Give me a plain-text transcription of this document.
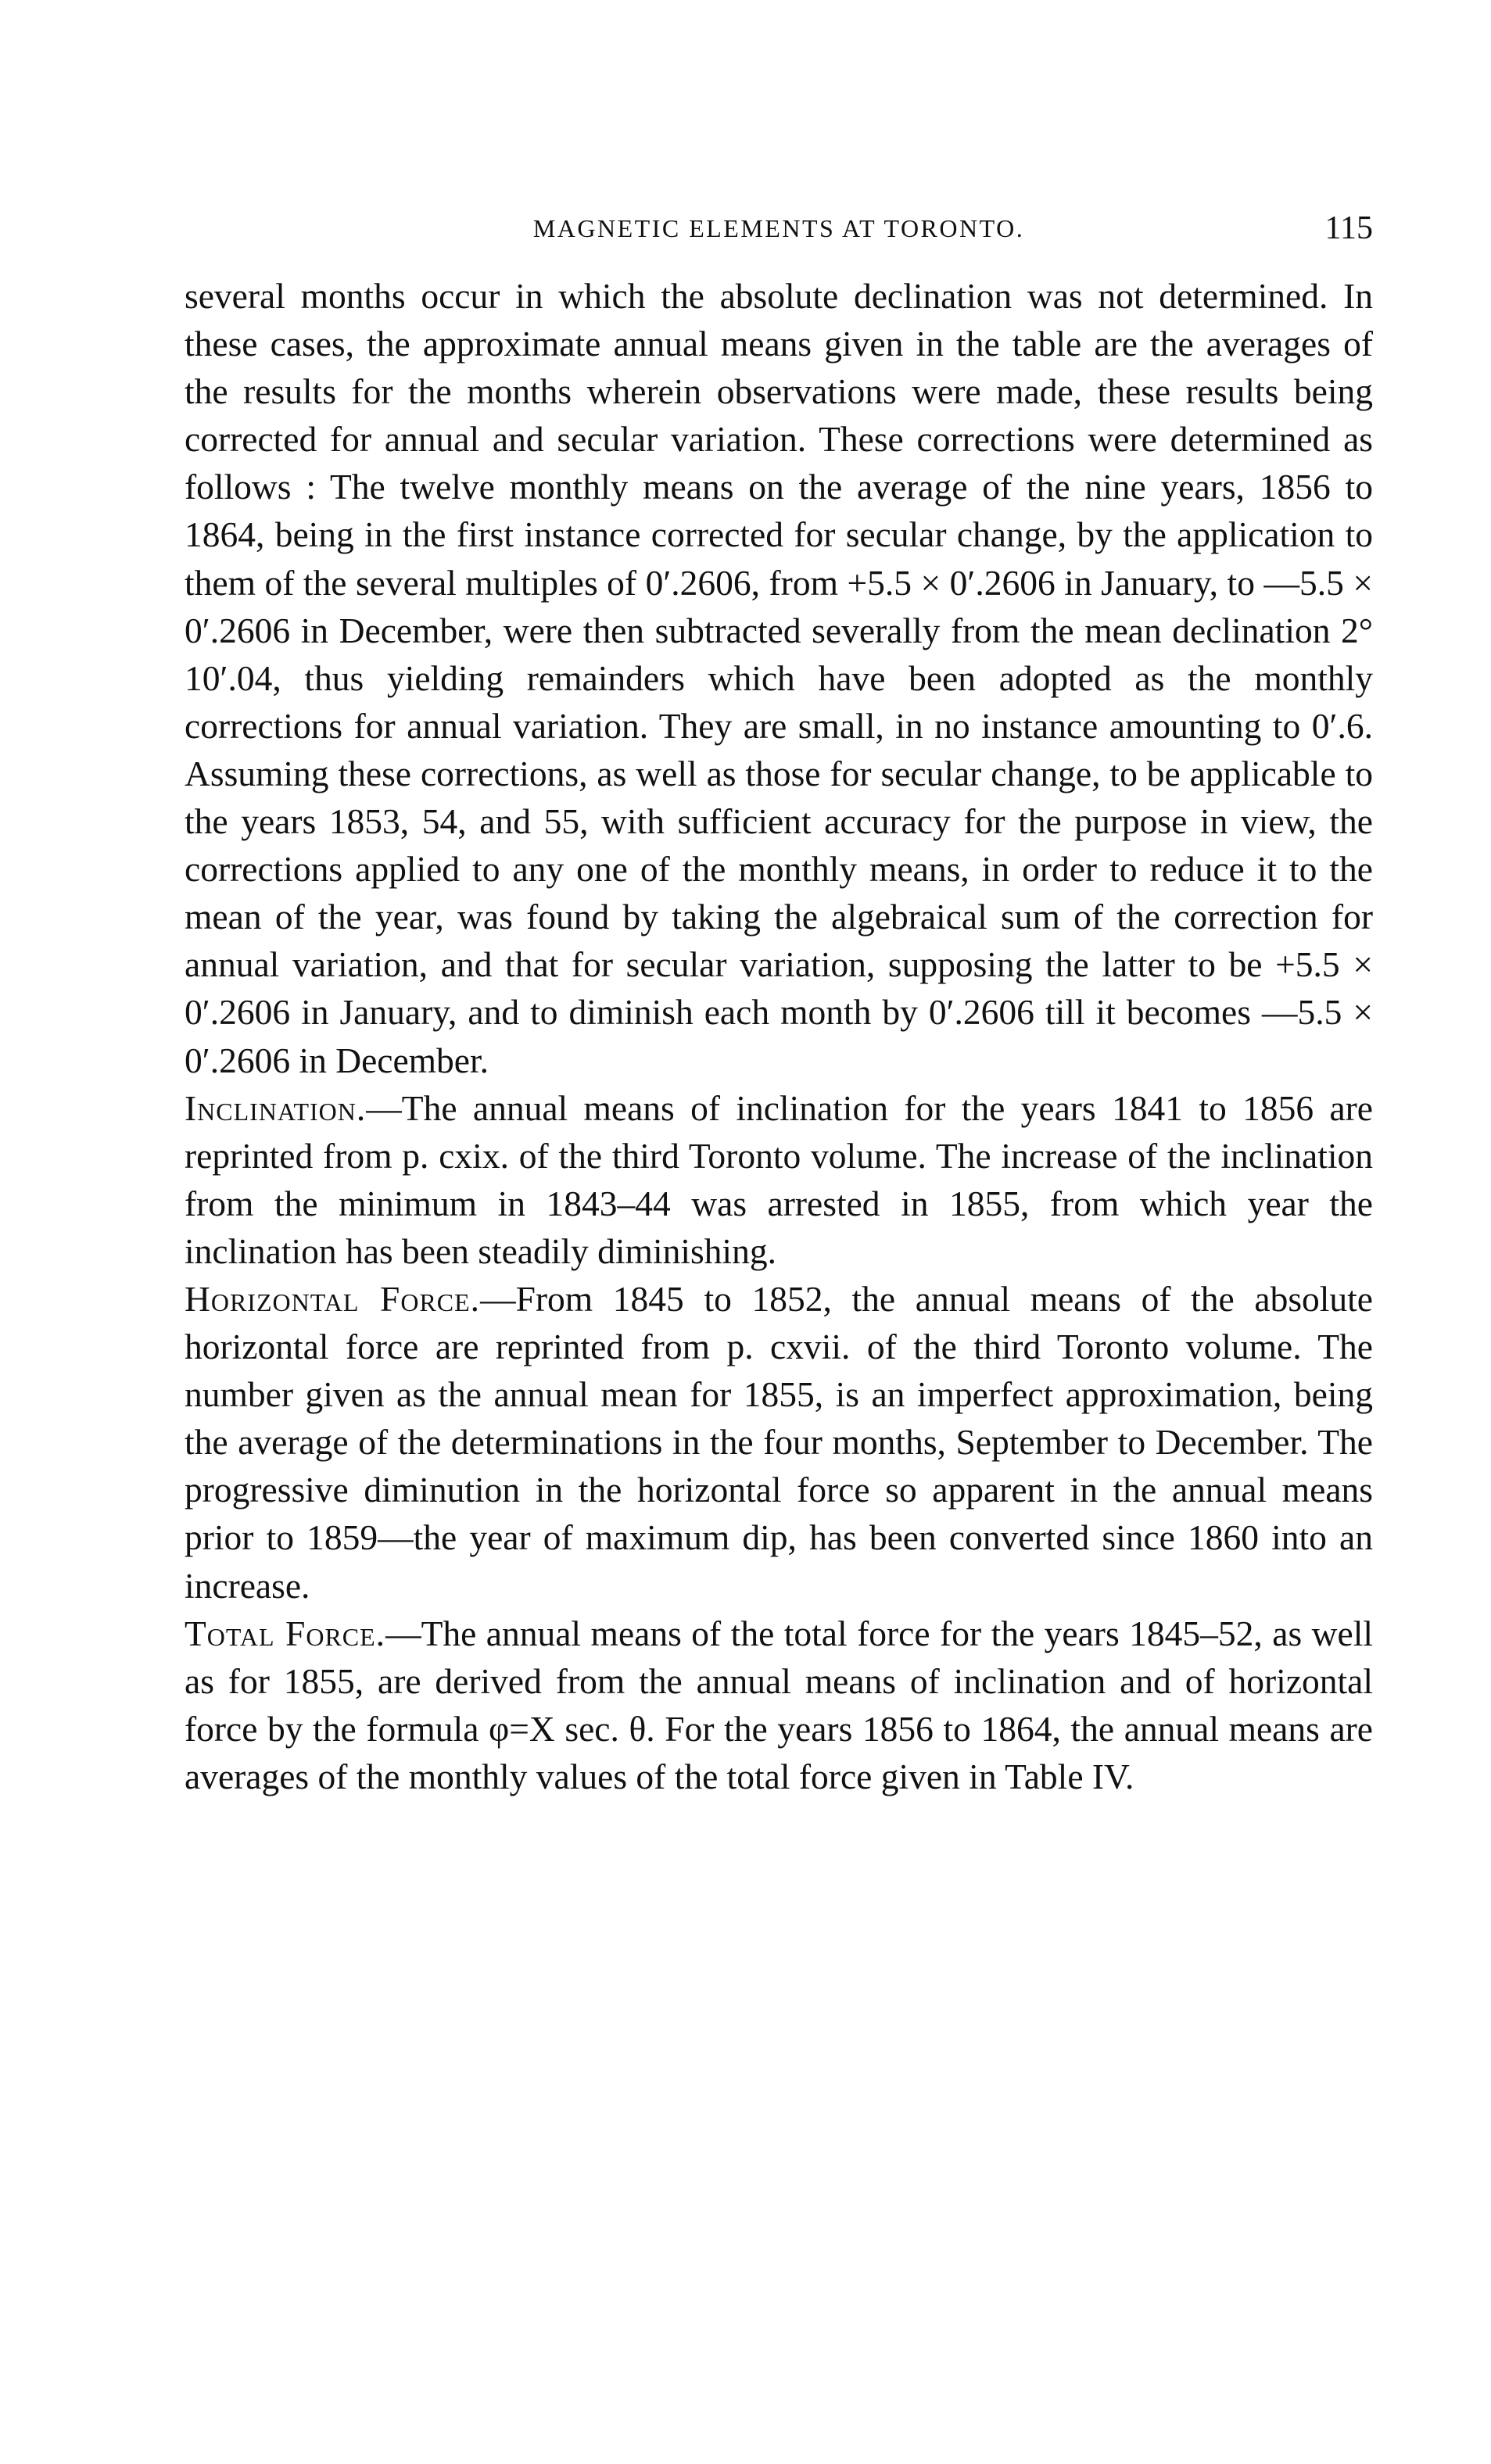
MAGNETIC ELEMENTS AT TORONTO.	115

several months occur in which the absolute declination was not determined. In these cases, the approximate annual means given in the table are the averages of the results for the months wherein observations were made, these results being corrected for annual and secular variation. These corrections were determined as follows : The twelve monthly means on the average of the nine years, 1856 to 1864, being in the first instance corrected for secular change, by the application to them of the several multiples of 0′.2606, from +5.5 × 0′.2606 in January, to —5.5 × 0′.2606 in December, were then subtracted severally from the mean declination 2° 10′.04, thus yielding remainders which have been adopted as the monthly corrections for annual variation. They are small, in no instance amounting to 0′.6. Assuming these corrections, as well as those for secular change, to be applicable to the years 1853, 54, and 55, with sufficient accuracy for the purpose in view, the corrections applied to any one of the monthly means, in order to reduce it to the mean of the year, was found by taking the algebraical sum of the correction for annual variation, and that for secular variation, supposing the latter to be +5.5 × 0′.2606 in January, and to diminish each month by 0′.2606 till it becomes —5.5 × 0′.2606 in December.

Inclination.—The annual means of inclination for the years 1841 to 1856 are reprinted from p. cxix. of the third Toronto volume. The increase of the inclination from the minimum in 1843–44 was arrested in 1855, from which year the inclination has been steadily diminishing.

Horizontal Force.—From 1845 to 1852, the annual means of the absolute horizontal force are reprinted from p. cxvii. of the third Toronto volume. The number given as the annual mean for 1855, is an imperfect approximation, being the average of the determinations in the four months, September to December. The progressive diminution in the horizontal force so apparent in the annual means prior to 1859—the year of maximum dip, has been converted since 1860 into an increase.

Total Force.—The annual means of the total force for the years 1845–52, as well as for 1855, are derived from the annual means of inclination and of horizontal force by the formula φ=X sec. θ. For the years 1856 to 1864, the annual means are averages of the monthly values of the total force given in Table IV.
